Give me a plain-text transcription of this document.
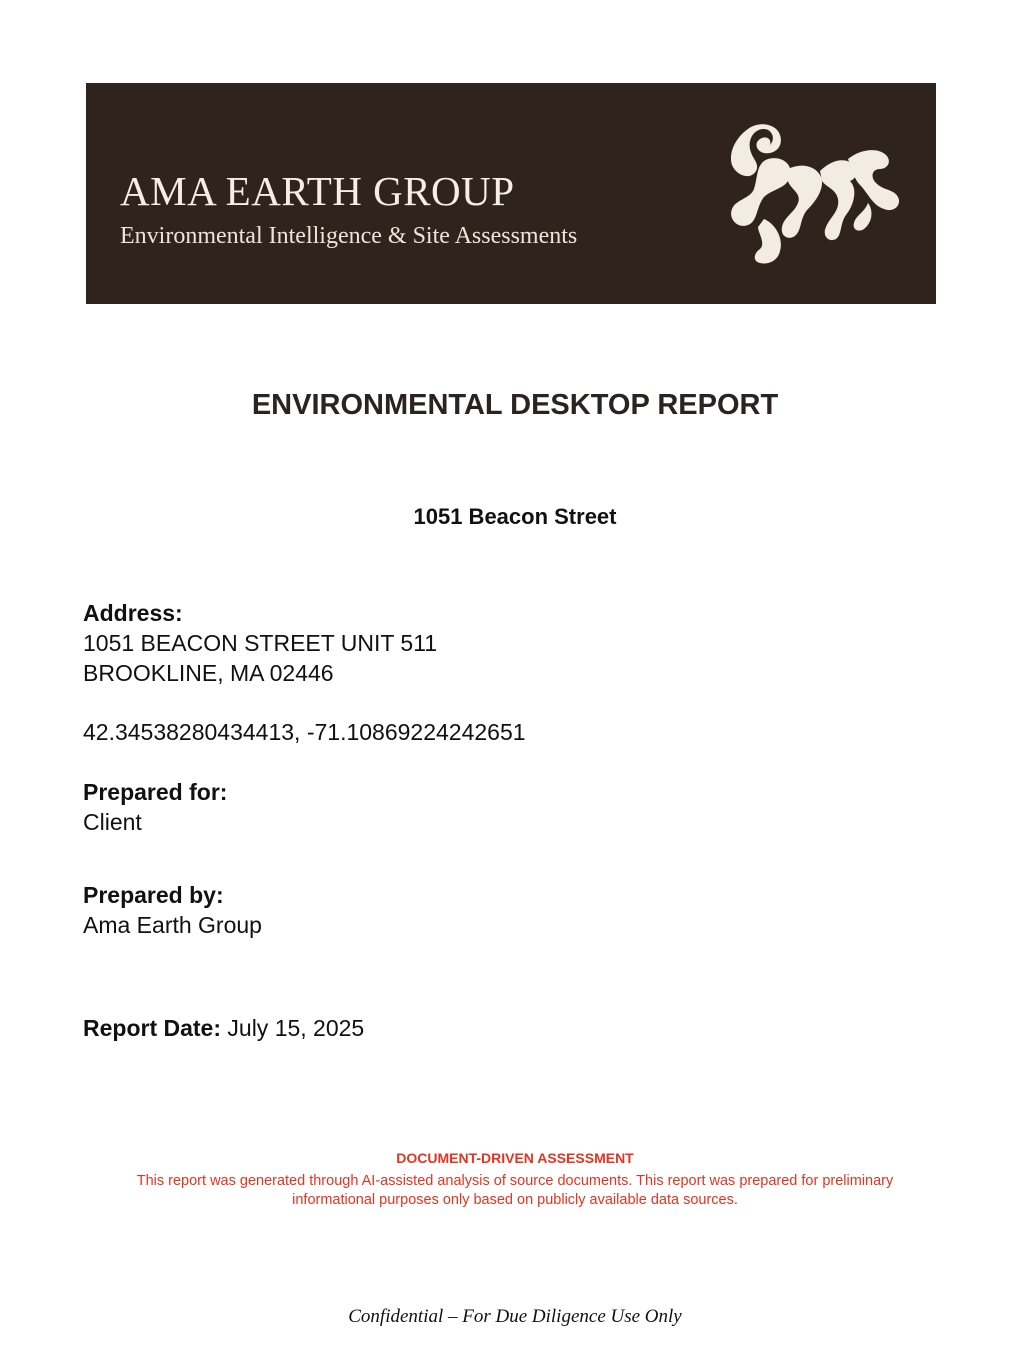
AMA EARTH GROUP

Environmental Intelligence & Site Assessments

ENVIRONMENTAL DESKTOP REPORT
1051 Beacon Street
Address:
1051 BEACON STREET UNIT 511
BROOKLINE, MA 02446
42.34538280434413, -71.10869224242651
Prepared for:
Client
Prepared by:
Ama Earth Group
Report Date: July 15, 2025

DOCUMENT-DRIVEN ASSESSMENT

This report was generated through AI-assisted analysis of source documents. This report was prepared for preliminary informational purposes only based on publicly available data sources.

Confidential – For Due Diligence Use Only
